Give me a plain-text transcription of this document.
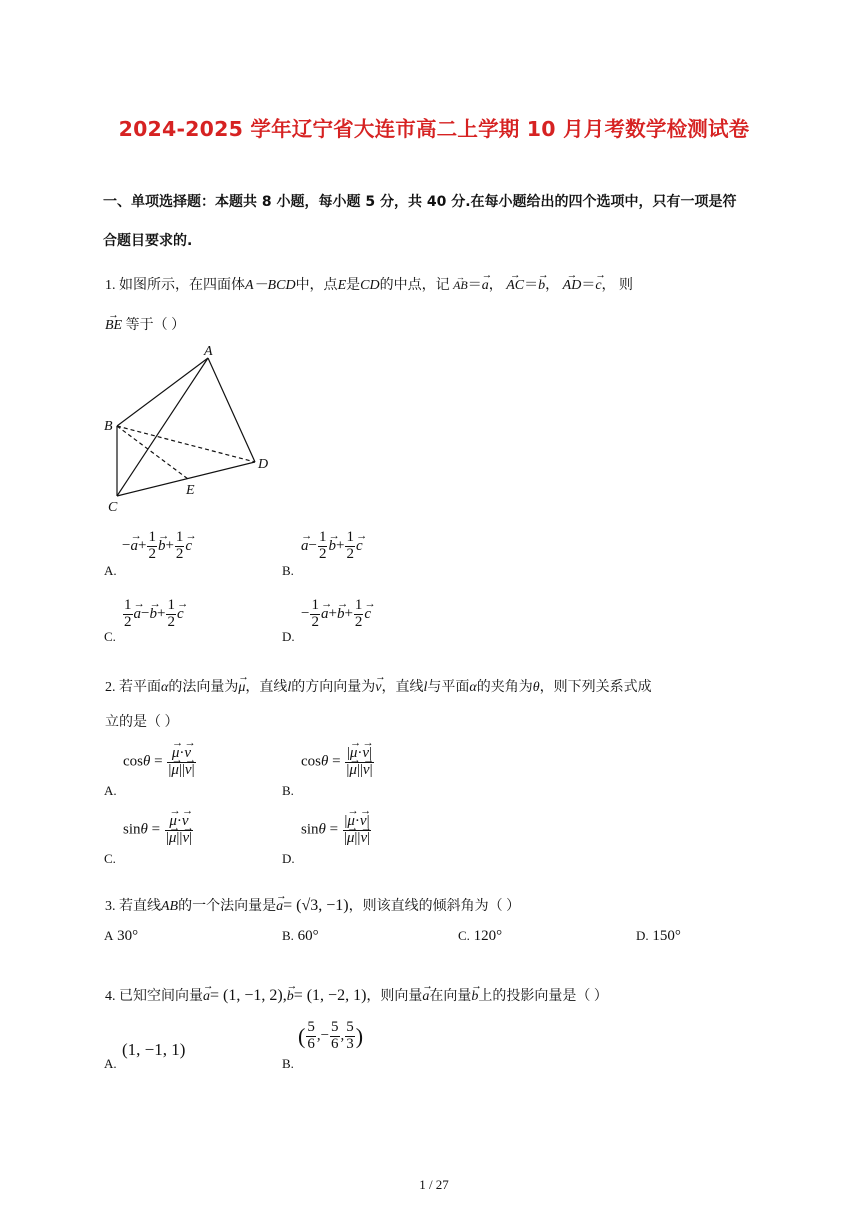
2024-2025 学年辽宁省大连市高二上学期 10 月月考数学检测试卷
一、单项选择题：本题共 8 小题，每小题 5 分，共 40 分.在每小题给出的四个选项中，只有一项是符
合题目要求的.
1. 如图所示，在四面体A－BCD中，点E是CD的中点，记 → AB＝→ a， → AC＝→ b， → AD＝→ c， 则
→ BE 等于（ ）
A
B
C
D
E
A.
−→ $a+ \frac{1}{2}$
→ $b+ \frac{1}{2}$
→ c
B.
→ $a- \frac{1}{2}$
→ $b+ \frac{1}{2}$
→ c
C.
$\frac{1}{2}$
→ $a-\to b+ \frac{1}{2}$
→ c
D.
− $\frac{1}{2}$
→ $a+\to b+ \frac{1}{2}$
→ c
2. 若平面α的法向量为→ μ，直线l的方向向量为→ v，直线l与平面α的夹角为θ，则下列关系式成
立的是（ ）
A.
cosθ =
→ $\frac{\mu\cdot\to v}{|\to \mu||\to v|}$
B.
$\cos\theta = \frac{|\to \mu\cdot\to v|}{|\to \mu||\to v|}$
C.
sinθ =
→ $\frac{\mu\cdot\to v}{|\to \mu||\to v|}$
D.
$\sin\theta = \frac{|\to \mu\cdot\to v|}{|\to \mu||\to v|}$
3. 若直线AB的一个法向量是→ a= (√3, −1)，则该直线的倾斜角为（ ）
A 30°	B. 60°	C. 120°	D. 150°
4. 已知空间向量→ a= (1, −1, 2),→ b= (1, −2, 1)，则向量→ a在向量→ b上的投影向量是（ ）
A.
(1, −1, 1)
B.
( $\frac{5}{6}$ ,− $\frac{5}{6}$ , $\frac{5}{3}$ )
1 / 27
